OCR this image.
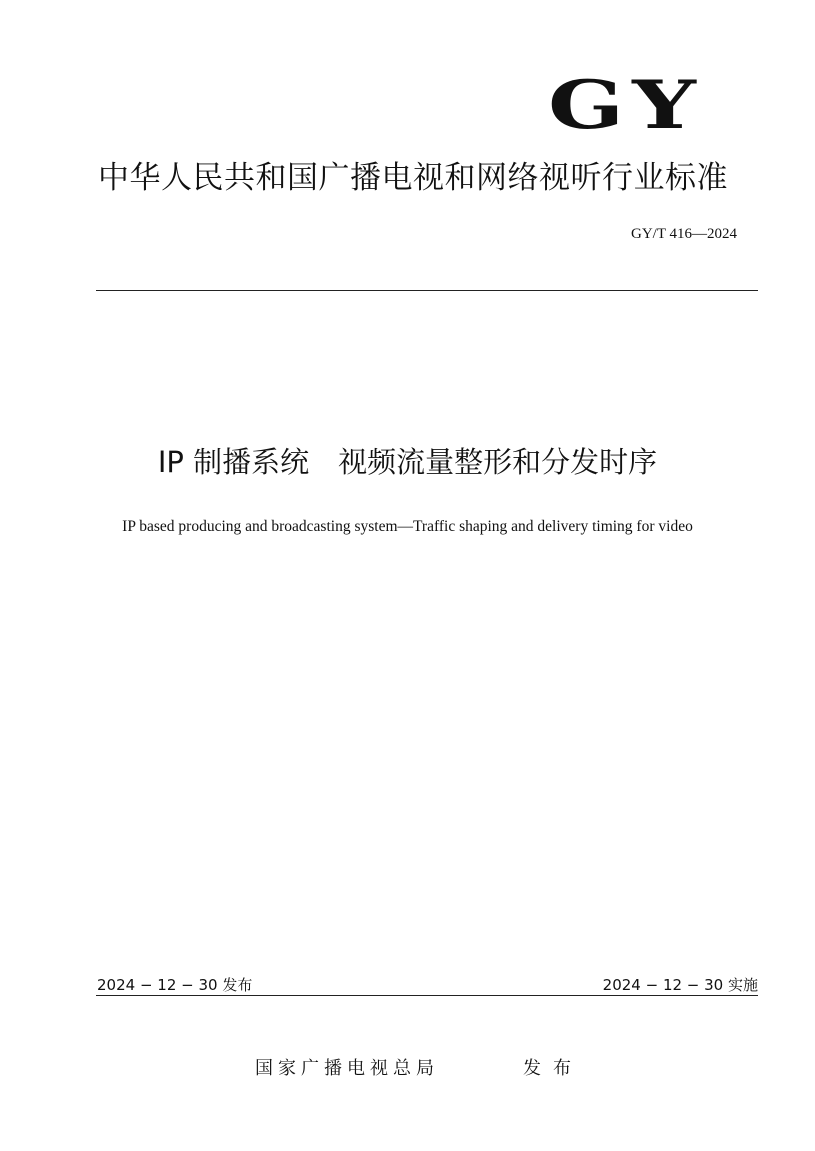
GY
中华人民共和国广播电视和网络视听行业标准
GY/T 416—2024
IP 制播系统　视频流量整形和分发时序
IP based producing and broadcasting system—Traffic shaping and delivery timing for video
2024 − 12 − 30 发布	2024 − 12 − 30 实施
国家广播电视总局	发布
